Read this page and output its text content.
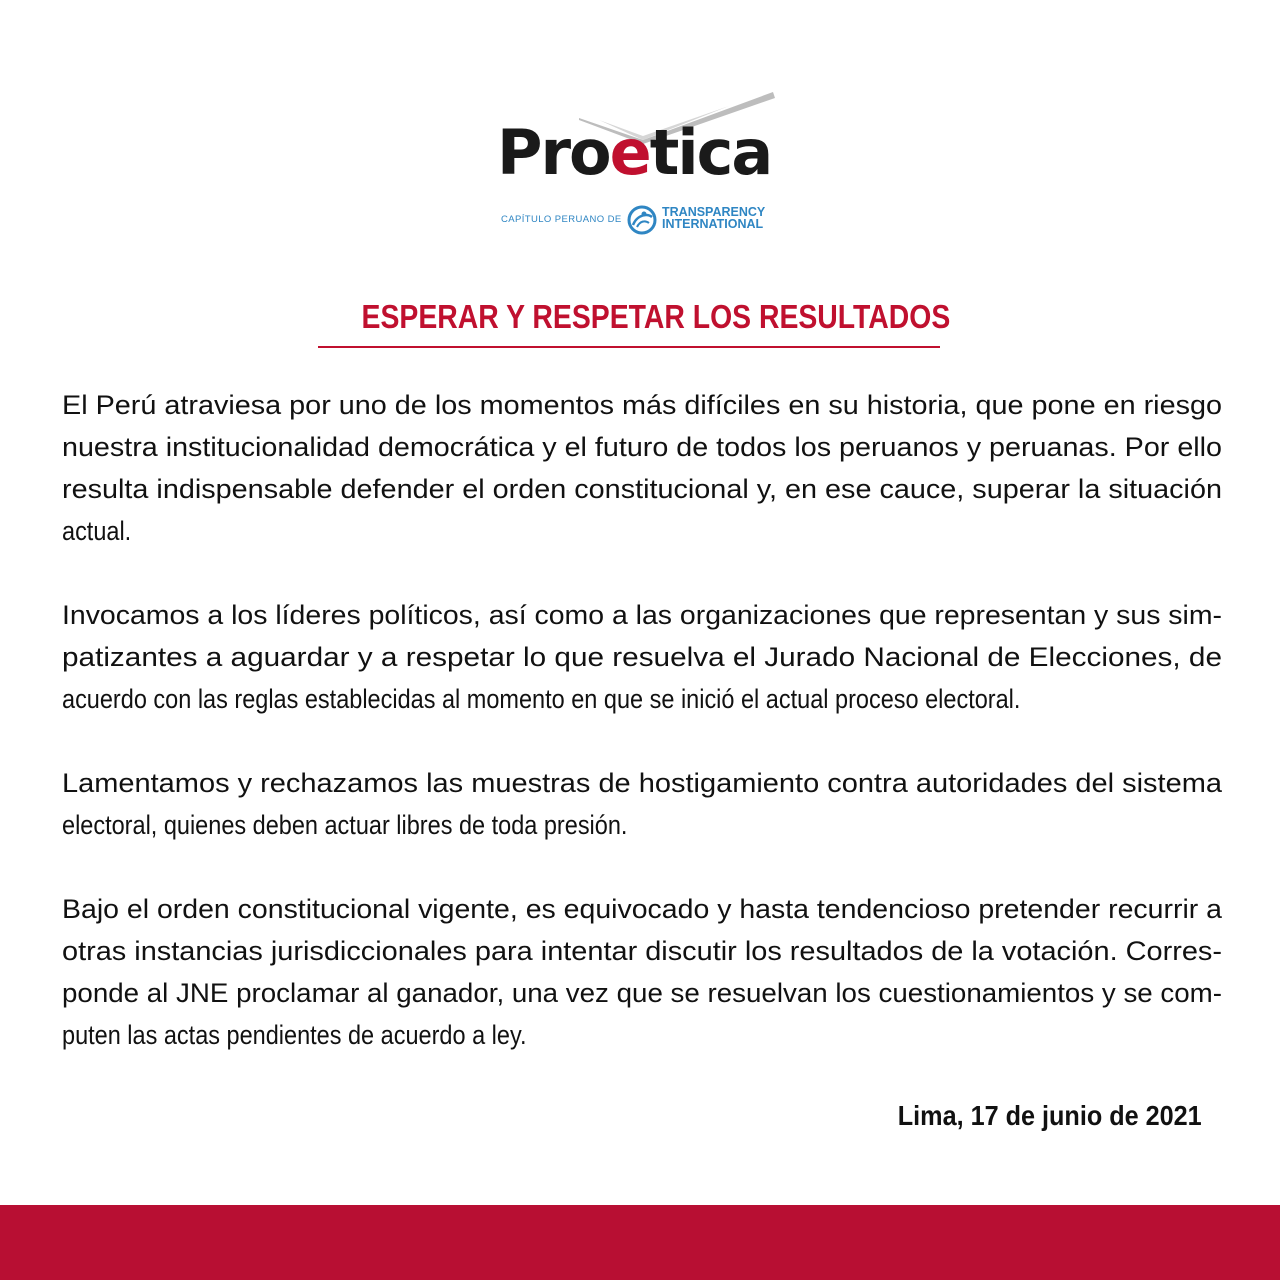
Proetica
CAPÍTULO PERUANO DE
TRANSPARENCY
INTERNATIONAL
ESPERAR Y RESPETAR LOS RESULTADOS
El Perú atraviesa por uno de los momentos más difíciles en su historia, que pone en riesgo
nuestra institucionalidad democrática y el futuro de todos los peruanos y peruanas. Por ello
resulta indispensable defender el orden constitucional y, en ese cauce, superar la situación
actual.
Invocamos a los líderes políticos, así como a las organizaciones que representan y sus sim-
patizantes a aguardar y a respetar lo que resuelva el Jurado Nacional de Elecciones, de
acuerdo con las reglas establecidas al momento en que se inició el actual proceso electoral.
Lamentamos y rechazamos las muestras de hostigamiento contra autoridades del sistema
electoral, quienes deben actuar libres de toda presión.
Bajo el orden constitucional vigente, es equivocado y hasta tendencioso pretender recurrir a
otras instancias jurisdiccionales para intentar discutir los resultados de la votación. Corres-
ponde al JNE proclamar al ganador, una vez que se resuelvan los cuestionamientos y se com-
puten las actas pendientes de acuerdo a ley.
Lima, 17 de junio de 2021
